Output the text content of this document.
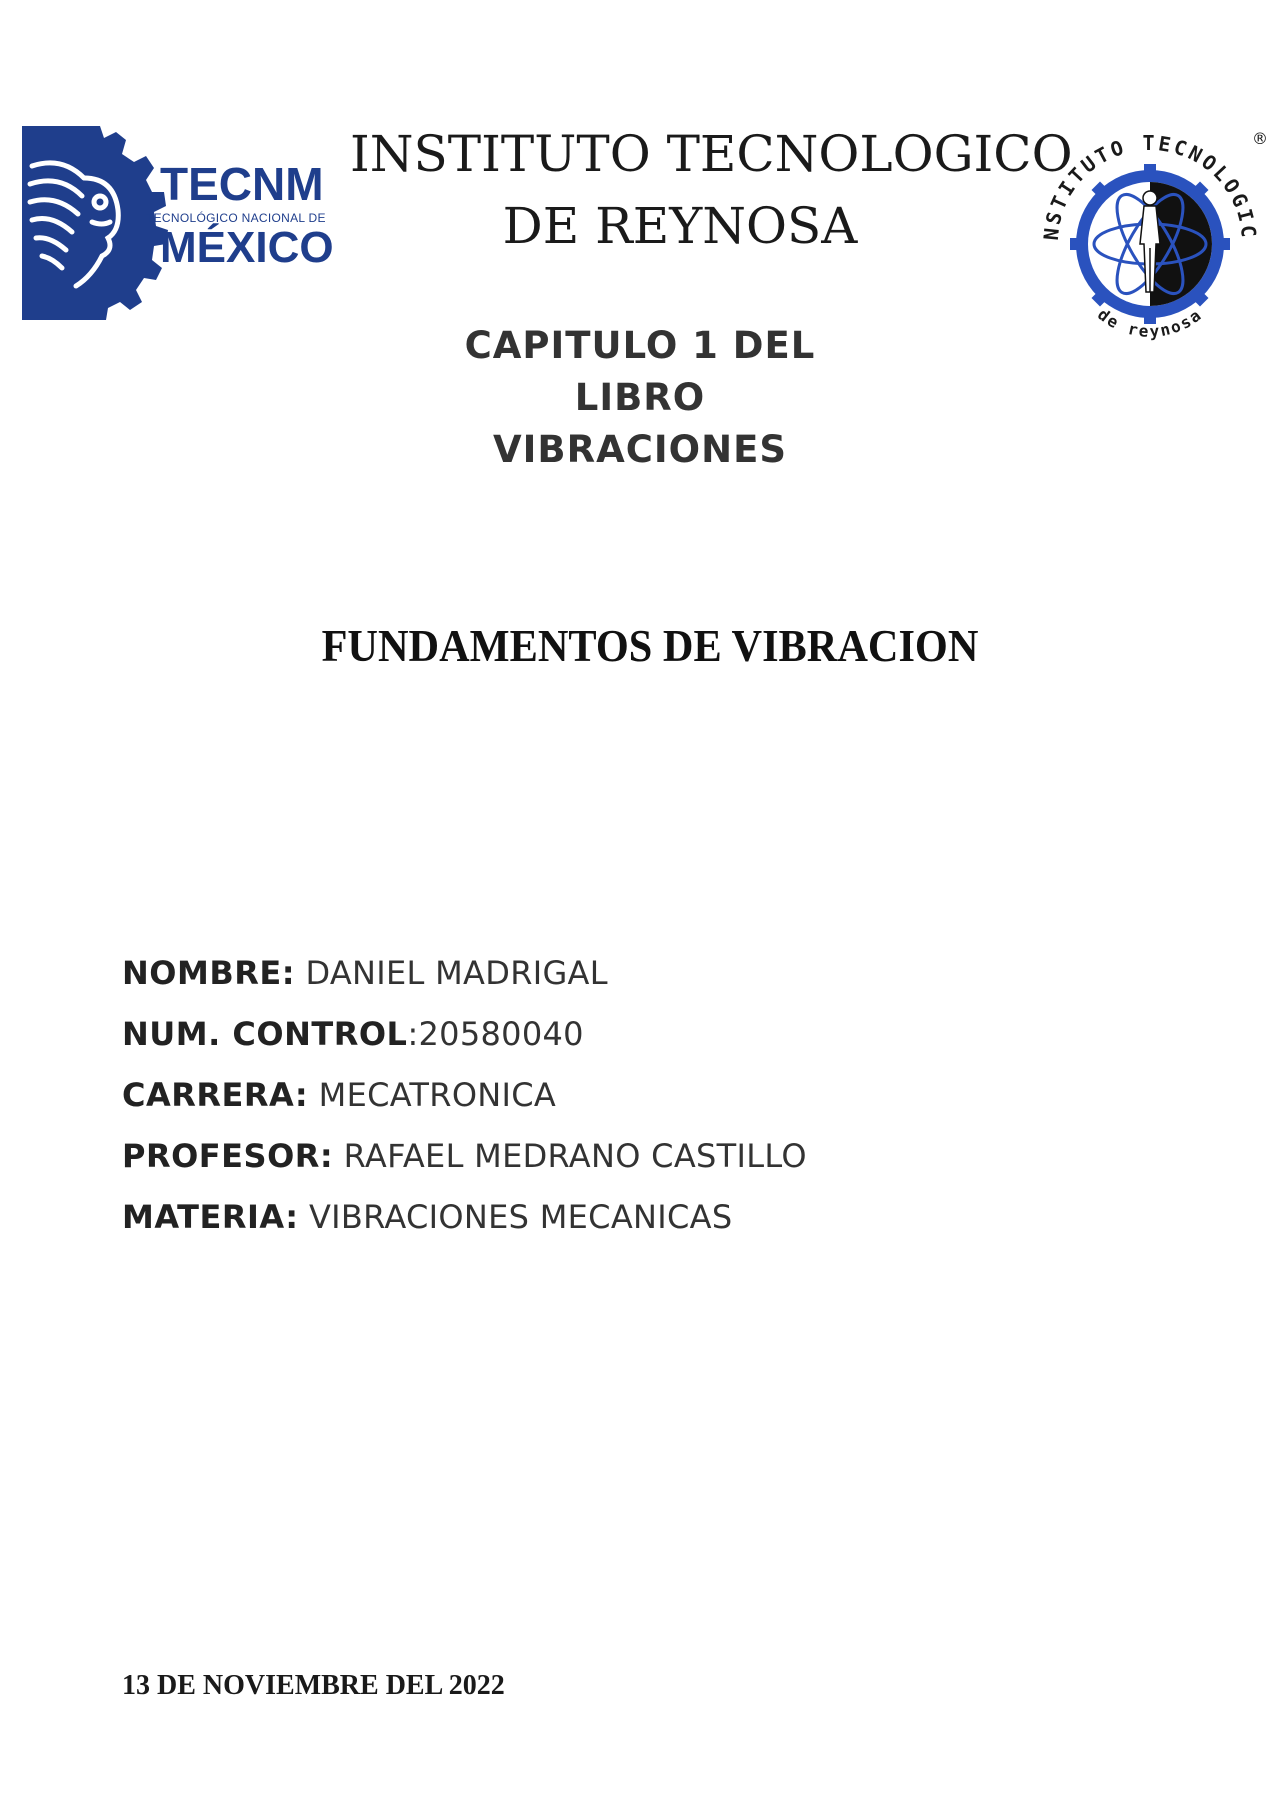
TECNM
TECNOLÓGICO NACIONAL DE
MÉXICO
INSTITUTO TECNOLOGICO
DE REYNOSA	NSTITUTO TECNOLOGIC
de reynosa
®
CAPITULO 1 DEL
LIBRO
VIBRACIONES
FUNDAMENTOS DE VIBRACION
NOMBRE: DANIEL MADRIGAL
NUM. CONTROL:20580040
CARRERA: MECATRONICA
PROFESOR: RAFAEL MEDRANO CASTILLO
MATERIA: VIBRACIONES MECANICAS
13 DE NOVIEMBRE DEL 2022
